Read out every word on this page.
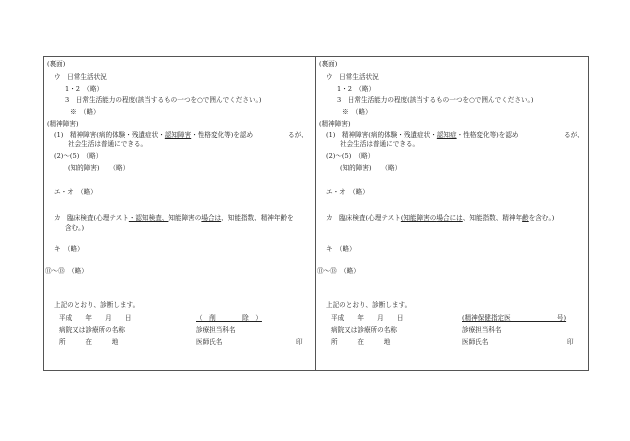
(裏面)
ウ　日常生活状況
1・2　（略）
3　日常生活能力の程度(該当するもの一つを○で囲んでください。)
※　（略）
(精神障害)
(1)　精神障害(病的体験・残遺症状・認知障害・性格変化等)を認め	るが、
社会生活は普通にできる。
(2)～(5)　（略）
(知的障害)　　（略）
エ・オ　（略）
カ　臨床検査(心理テスト・認知検査、知能障害の場合は、知能指数、精神年齢を
含む。)
キ　（略）
⑪～⑬　（略）
上記のとおり、診断します。
平成　　年　　月　　日	（　削　　　　除　）
病院又は診療所の名称	診療担当科名
所　　　在　　　地	医師氏名	印
(裏面)
ウ　日常生活状況
1・2　（略）
3　日常生活能力の程度(該当するもの一つを○で囲んでください。)
※　（略）
(精神障害)
(1)　精神障害(病的体験・残遺症状・認知症・性格変化等)を認め	るが、
社会生活は普通にできる。
(2)～(5)　（略）
(知的障害)　　（略）
エ・オ　（略）
カ　臨床検査(心理テスト(知能障害の場合には、知能指数、精神年齢を含む。)
キ　（略）
⑪～⑬　（略）
上記のとおり、診断します。
平成　　年　　月　　日	(精神保健指定医　　　　　　　号)
病院又は診療所の名称	診療担当科名
所　　　在　　　地	医師氏名	印
